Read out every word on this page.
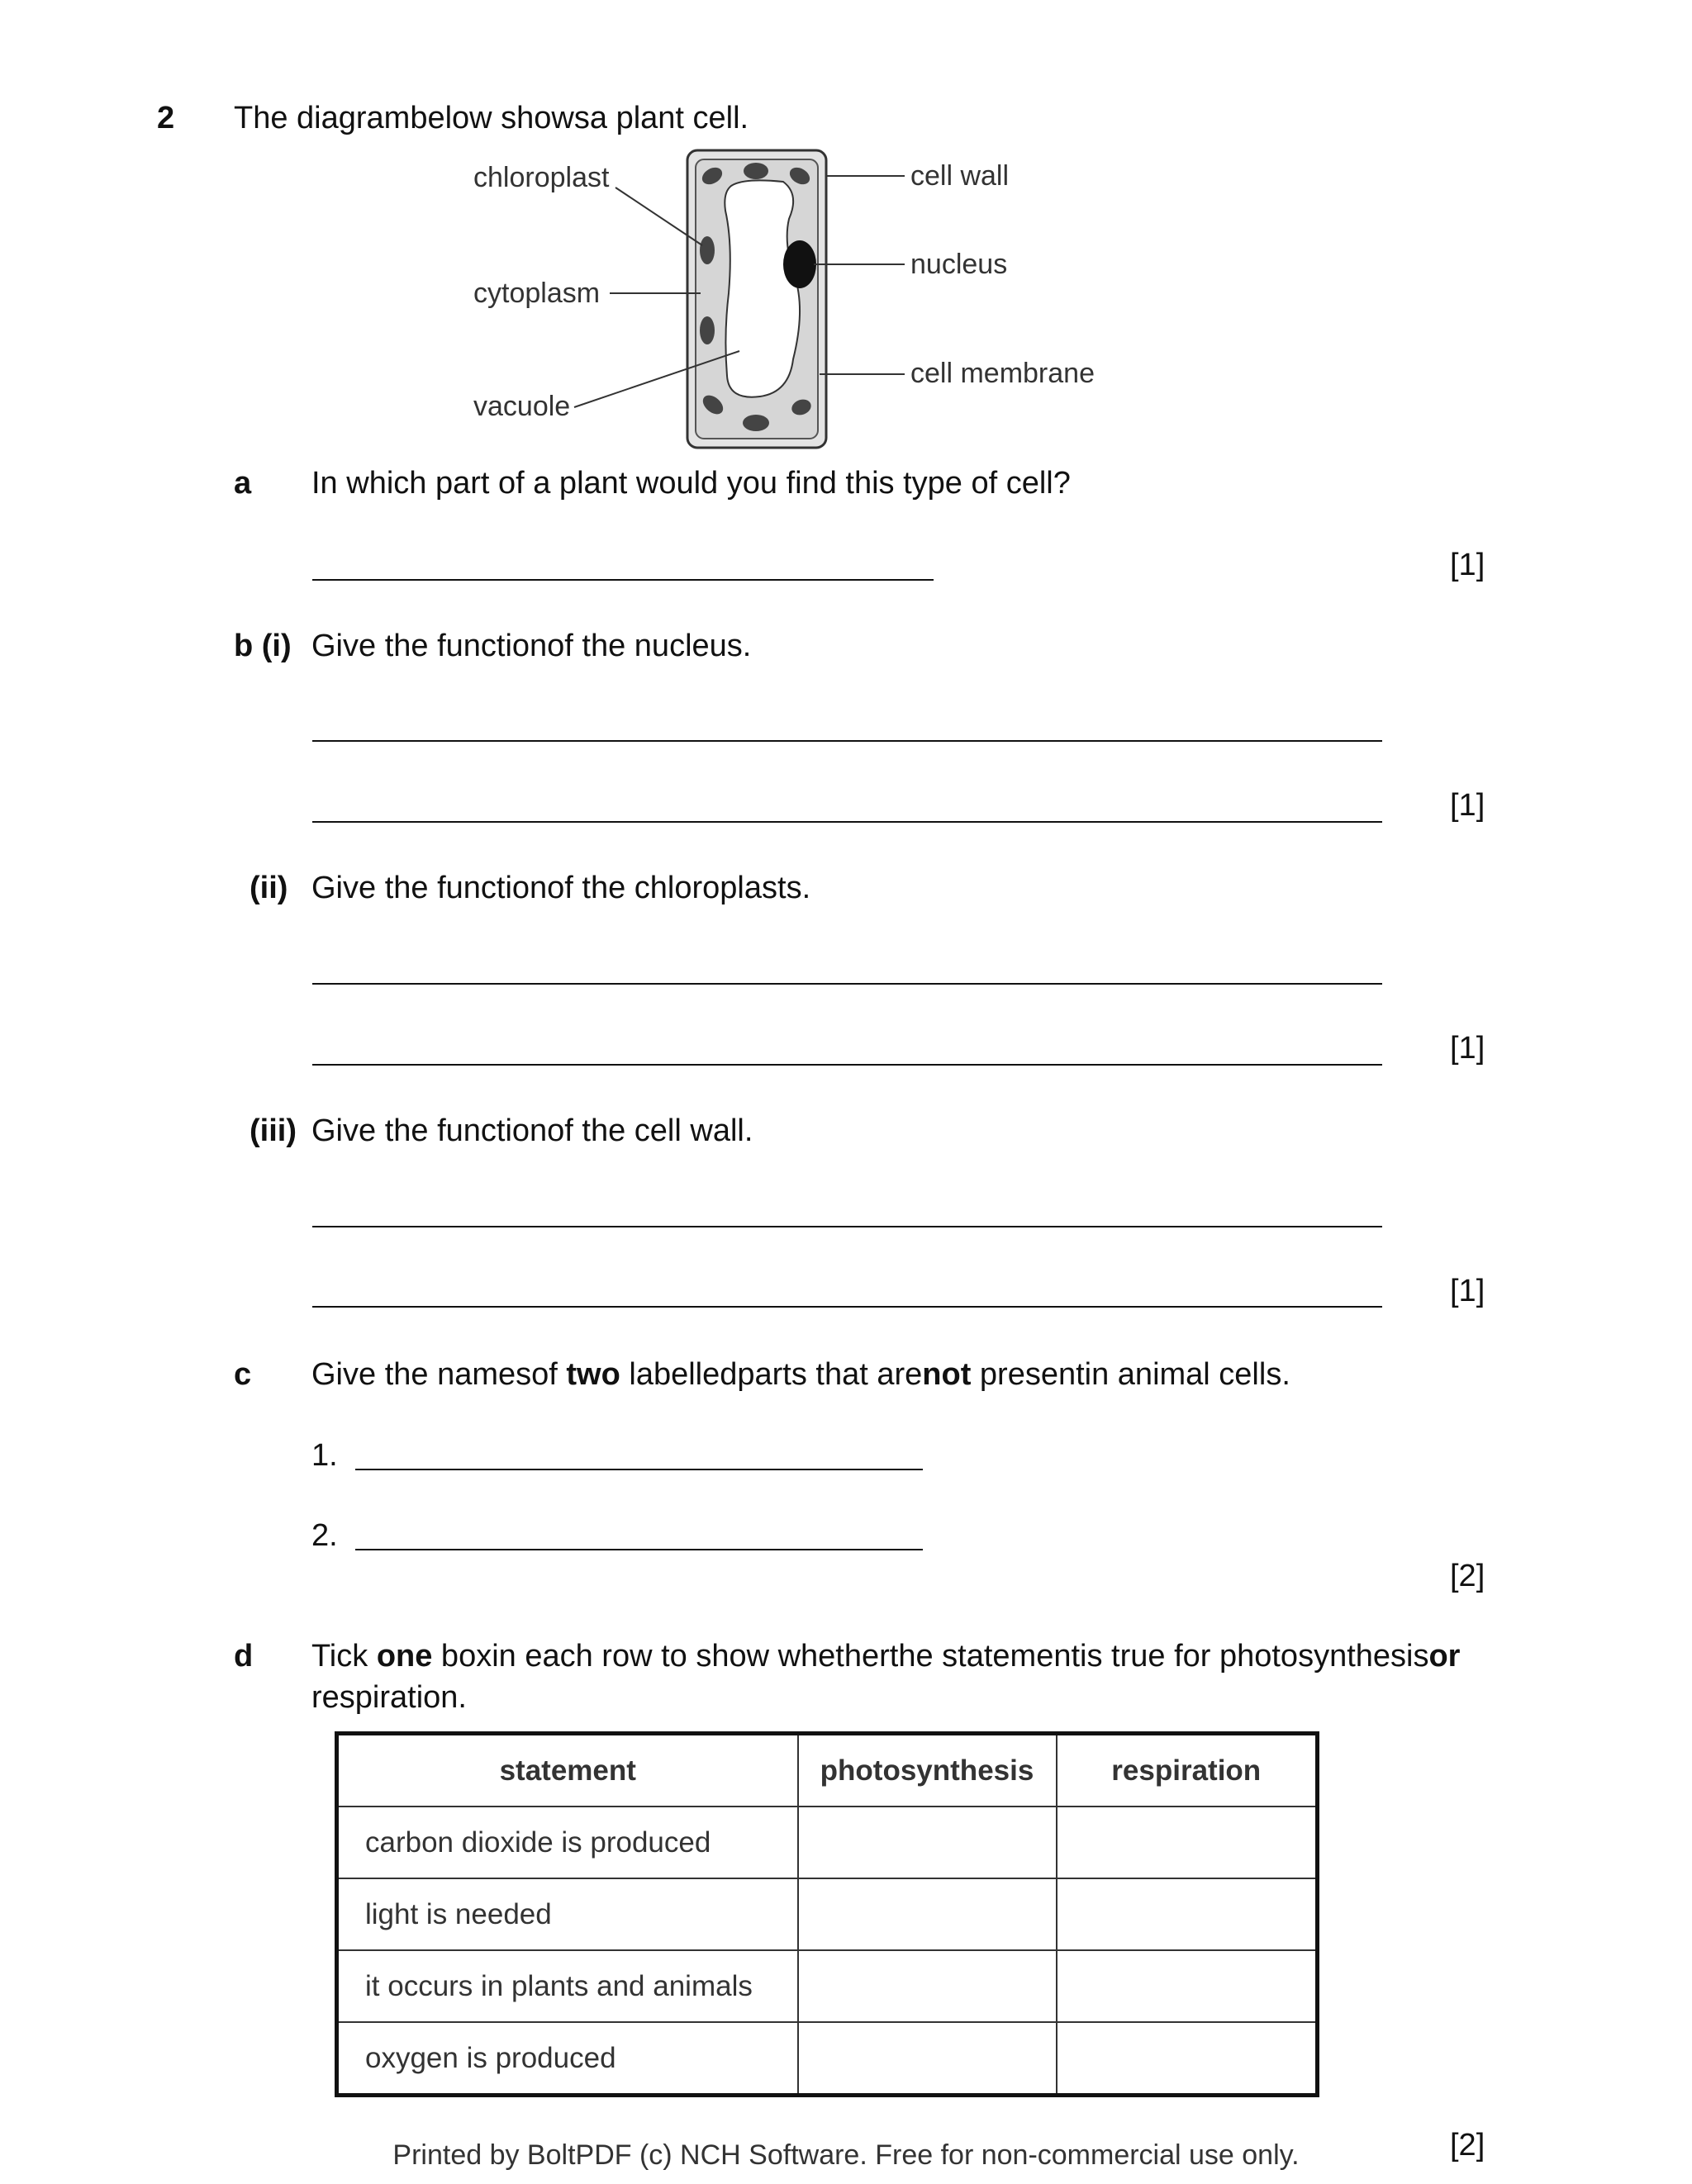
2 The diagrambelow showsa plant cell.
chloroplast
cytoplasm
vacuole
cell wall
nucleus
cell membrane
a In which part of a plant would you find this type of cell?
[1]
b (i) Give the functionof the nucleus.
[1]
(ii) Give the functionof the chloroplasts.
[1]
(iii) Give the functionof the cell wall.
[1]
c Give the namesof two labelledparts that arenot presentin animal cells.
1.
2.
[2]
d Tick one boxin each row to show whetherthe statementis true for photosynthesisor
respiration.
statement	photosynthesis	respiration
carbon dioxide is produced		
light is needed		
it occurs in plants and animals		
oxygen is produced		
[2]
Printed by BoltPDF (c) NCH Software. Free for non-commercial use only.
